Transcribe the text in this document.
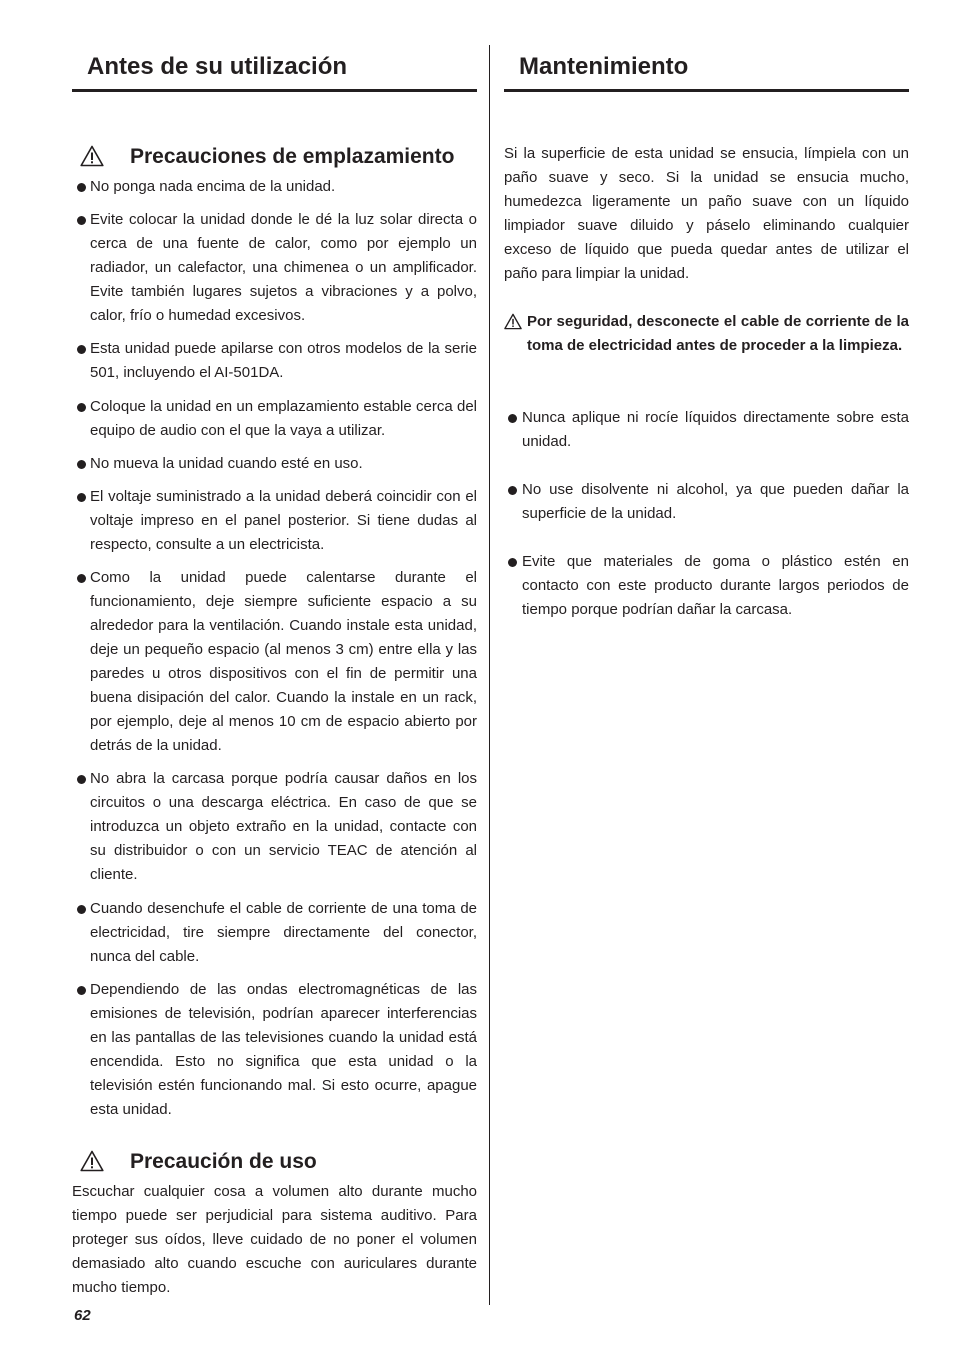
Antes de su utilización
Precauciones de emplazamiento
No ponga nada encima de la unidad.
Evite colocar la unidad donde le dé la luz solar directa o cerca de una fuente de calor, como por ejemplo un radiador, un calefactor, una chimenea o un amplificador. Evite también lugares sujetos a vibraciones y a polvo, calor, frío o humedad excesivos.
Esta unidad puede apilarse con otros modelos de la serie 501, incluyendo el AI-501DA.
Coloque la unidad en un emplazamiento estable cerca del equipo de audio con el que la vaya a utilizar.
No mueva la unidad cuando esté en uso.
El voltaje suministrado a la unidad deberá coincidir con el voltaje impreso en el panel posterior. Si tiene dudas al respecto, consulte a un electricista.
Como la unidad puede calentarse durante el funcionamiento, deje siempre suficiente espacio a su alrededor para la ventilación. Cuando instale esta unidad, deje un pequeño espacio (al menos 3 cm) entre ella y las paredes u otros dispositivos con el fin de permitir una buena disipación del calor. Cuando la instale en un rack, por ejemplo, deje al menos 10 cm de espacio abierto por detrás de la unidad.
No abra la carcasa porque podría causar daños en los circuitos o una descarga eléctrica. En caso de que se introduzca un objeto extraño en la unidad, contacte con su distribuidor o con un servicio TEAC de atención al cliente.
Cuando desenchufe el cable de corriente de una toma de electricidad, tire siempre directamente del conector, nunca del cable.
Dependiendo de las ondas electromagnéticas de las emisiones de televisión, podrían aparecer interferencias en las pantallas de las televisiones cuando la unidad está encendida. Esto no significa que esta unidad o la televisión estén funcionando mal. Si esto ocurre, apague esta unidad.
Precaución de uso

Escuchar cualquier cosa a volumen alto durante mucho tiempo puede ser perjudicial para sistema auditivo. Para proteger sus oídos, lleve cuidado de no poner el volumen demasiado alto cuando escuche con auriculares durante mucho tiempo.

Mantenimiento

Si la superficie de esta unidad se ensucia, límpiela con un paño suave y seco. Si la unidad se ensucia mucho, humedezca ligeramente un paño suave con un líquido limpiador suave diluido y páselo eliminando cualquier exceso de líquido que pueda quedar antes de utilizar el paño para limpiar la unidad.

Por seguridad, desconecte el cable de corriente de la toma de electricidad antes de proceder a la limpieza.
Nunca aplique ni rocíe líquidos directamente sobre esta unidad.
No use disolvente ni alcohol, ya que pueden dañar la superficie de la unidad.
Evite que materiales de goma o plástico estén en contacto con este producto durante largos periodos de tiempo porque podrían dañar la carcasa.
62
